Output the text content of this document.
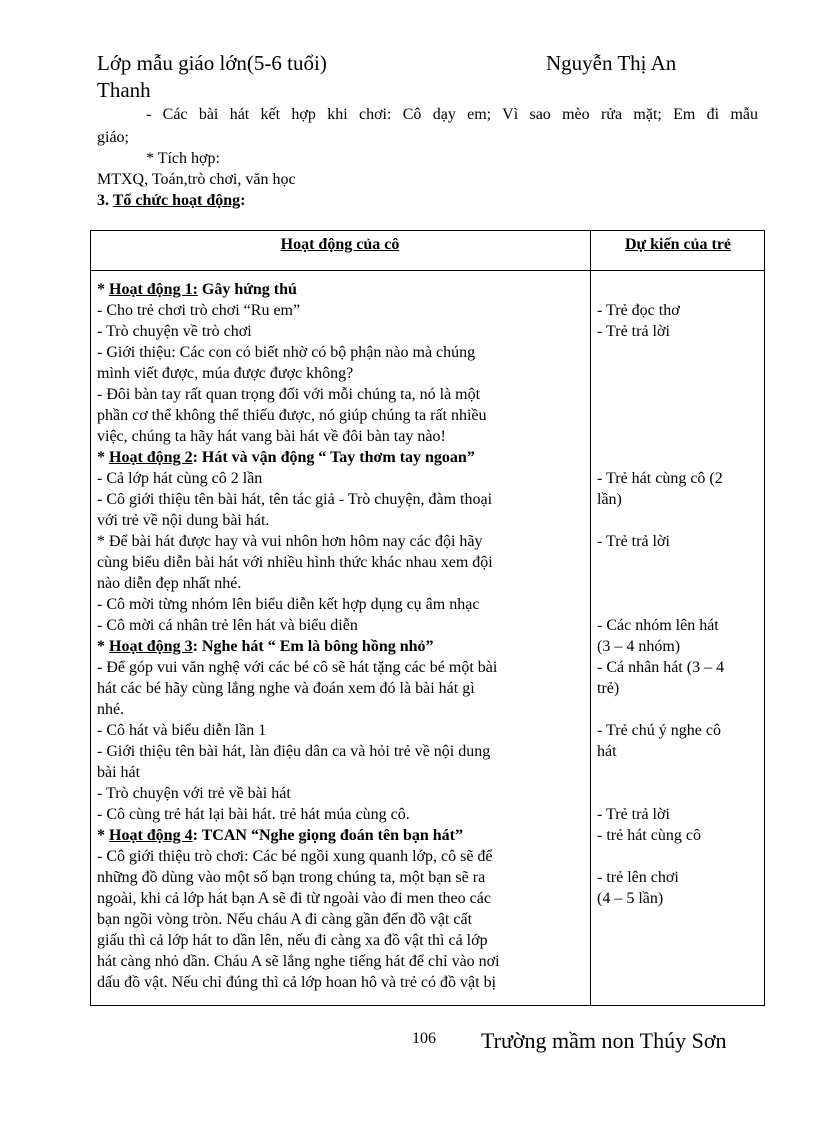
Lớp mẫu giáo lớn(5-6 tuổi)	Nguyễn Thị An
Thanh
- Các bài hát kết hợp khi chơi: Cô dạy em; Vì sao mèo rửa mặt; Em đi mẫu
giáo;
* Tích hợp:
MTXQ, Toán,trò chơi, văn học
3. Tổ chức hoạt động:
Hoạt động của cô	Dự kiến của trẻ
* Hoạt động 1: Gây hứng thú
- Cho trẻ chơi trò chơi “Ru em”
- Trò chuyện về trò chơi
- Giới thiệu: Các con có biết nhờ có bộ phận nào mà chúng
mình viết được, múa được được không?
- Đôi bàn tay rất quan trọng đối với mỗi chúng ta, nó là một
phần cơ thể không thể thiếu được, nó giúp chúng ta rất nhiều
việc, chúng ta hãy hát vang bài hát về đôi bàn tay nào!
* Hoạt động 2: Hát và vận động “ Tay thơm tay ngoan”
- Cả lớp hát cùng cô 2 lần
- Cô giới thiệu tên bài hát, tên tác giả - Trò chuyện, đàm thoại
với trẻ về nội dung bài hát.
* Để bài hát được hay và vui nhôn hơn hôm nay các đội hãy
cùng biểu diễn bài hát với nhiều hình thức khác nhau xem đội
nào diễn đẹp nhất nhé.
- Cô mời từng nhóm lên biểu diễn kết hợp dụng cụ âm nhạc
- Cô mời cá nhân trẻ lên hát và biểu diễn
* Hoạt động 3: Nghe hát “ Em là bông hồng nhỏ”
- Để góp vui văn nghệ với các bé cô sẽ hát tặng các bé một bài
hát các bé hãy cùng lắng nghe và đoán xem đó là bài hát gì
nhé.
- Cô hát và biểu diễn lần 1
- Giới thiệu tên bài hát, làn điệu dân ca và hỏi trẻ về nội dung
bài hát
- Trò chuyện với trẻ về bài hát
- Cô cùng trẻ hát lại bài hát. trẻ hát múa cùng cô.
* Hoạt động 4: TCAN “Nghe giọng đoán tên bạn hát”
- Cô giới thiệu trò chơi: Các bé ngồi xung quanh lớp, cô sẽ để
những đồ dùng vào một số bạn trong chúng ta, một bạn sẽ ra
ngoài, khi cả lớp hát bạn A sẽ đi từ ngoài vào đi men theo các
bạn ngồi vòng tròn. Nếu cháu A đi càng gần đến đồ vật cất
giấu thì cả lớp hát to dần lên, nếu đi càng xa đồ vật thì cả lớp
hát càng nhỏ dần. Cháu A sẽ lắng nghe tiếng hát để chỉ vào nơi
dấu đồ vật. Nếu chỉ đúng thì cả lớp hoan hô và trẻ có đồ vật bị

- Trẻ đọc thơ
- Trẻ trả lời

- Trẻ hát cùng cô (2
lần)

- Trẻ trả lời

- Các nhóm lên hát
(3 – 4 nhóm)
- Cá nhân hát (3 – 4
trẻ)

- Trẻ chú ý nghe cô
hát

- Trẻ trả lời
- trẻ hát cùng cô

- trẻ lên chơi
(4 – 5 lần)
106 Trường mầm non Thúy Sơn
